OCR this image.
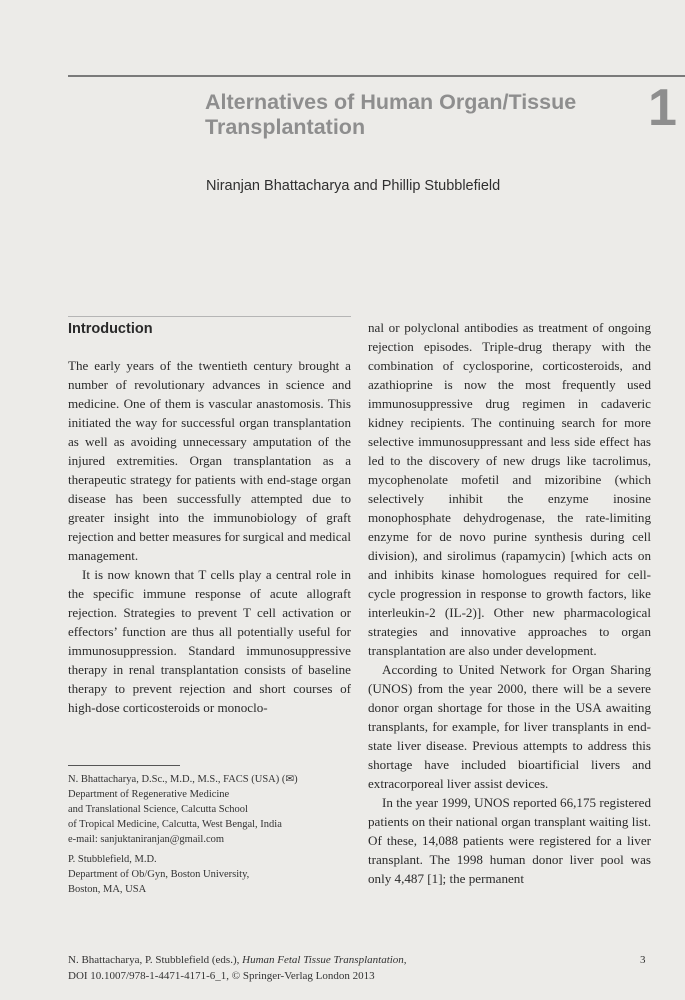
Alternatives of Human Organ/Tissue Transplantation	1
Niranjan Bhattacharya and Phillip Stubblefield
Introduction

The early years of the twentieth century brought a number of revolutionary advances in science and medicine. One of them is vascular anastomosis. This initiated the way for successful organ transplantation as well as avoiding unnecessary amputation of the injured extremities. Organ transplantation as a therapeutic strategy for patients with end-stage organ disease has been successfully attempted due to greater insight into the immunobiology of graft rejection and better measures for surgical and medical management.

It is now known that T cells play a central role in the specific immune response of acute allograft rejection. Strategies to prevent T cell activation or effectors’ function are thus all potentially useful for immunosuppression. Standard immunosuppressive therapy in renal transplantation consists of baseline therapy to prevent rejection and short courses of high-dose corticosteroids or monoclo-

nal or polyclonal antibodies as treatment of ongoing rejection episodes. Triple-drug therapy with the combination of cyclosporine, corticosteroids, and azathioprine is now the most frequently used immunosuppressive drug regimen in cadaveric kidney recipients. The continuing search for more selective immunosuppressant and less side effect has led to the discovery of new drugs like tacrolimus, mycophenolate mofetil and mizoribine (which selectively inhibit the enzyme inosine monophosphate dehydrogenase, the rate-limiting enzyme for de novo purine synthesis during cell division), and sirolimus (rapamycin) [which acts on and inhibits kinase homologues required for cell-cycle progression in response to growth factors, like interleukin-2 (IL-2)]. Other new pharmacological strategies and innovative approaches to organ transplantation are also under development.

According to United Network for Organ Sharing (UNOS) from the year 2000, there will be a severe donor organ shortage for those in the USA awaiting transplants, for example, for liver transplants in end-state liver disease. Previous attempts to address this shortage have included bioartificial livers and extracorporeal liver assist devices.

In the year 1999, UNOS reported 66,175 registered patients on their national organ transplant waiting list. Of these, 14,088 patients were registered for a liver transplant. The 1998 human donor liver pool was only 4,487 [1]; the permanent

N. Bhattacharya, D.Sc., M.D., M.S., FACS (USA) (✉)

Department of Regenerative Medicine

and Translational Science, Calcutta School

of Tropical Medicine, Calcutta, West Bengal, India

e-mail: sanjuktaniranjan@gmail.com

P. Stubblefield, M.D.

Department of Ob/Gyn, Boston University,

Boston, MA, USA

N. Bhattacharya, P. Stubblefield (eds.), Human Fetal Tissue Transplantation,

DOI 10.1007/978-1-4471-4171-6_1, © Springer-Verlag London 2013

3
